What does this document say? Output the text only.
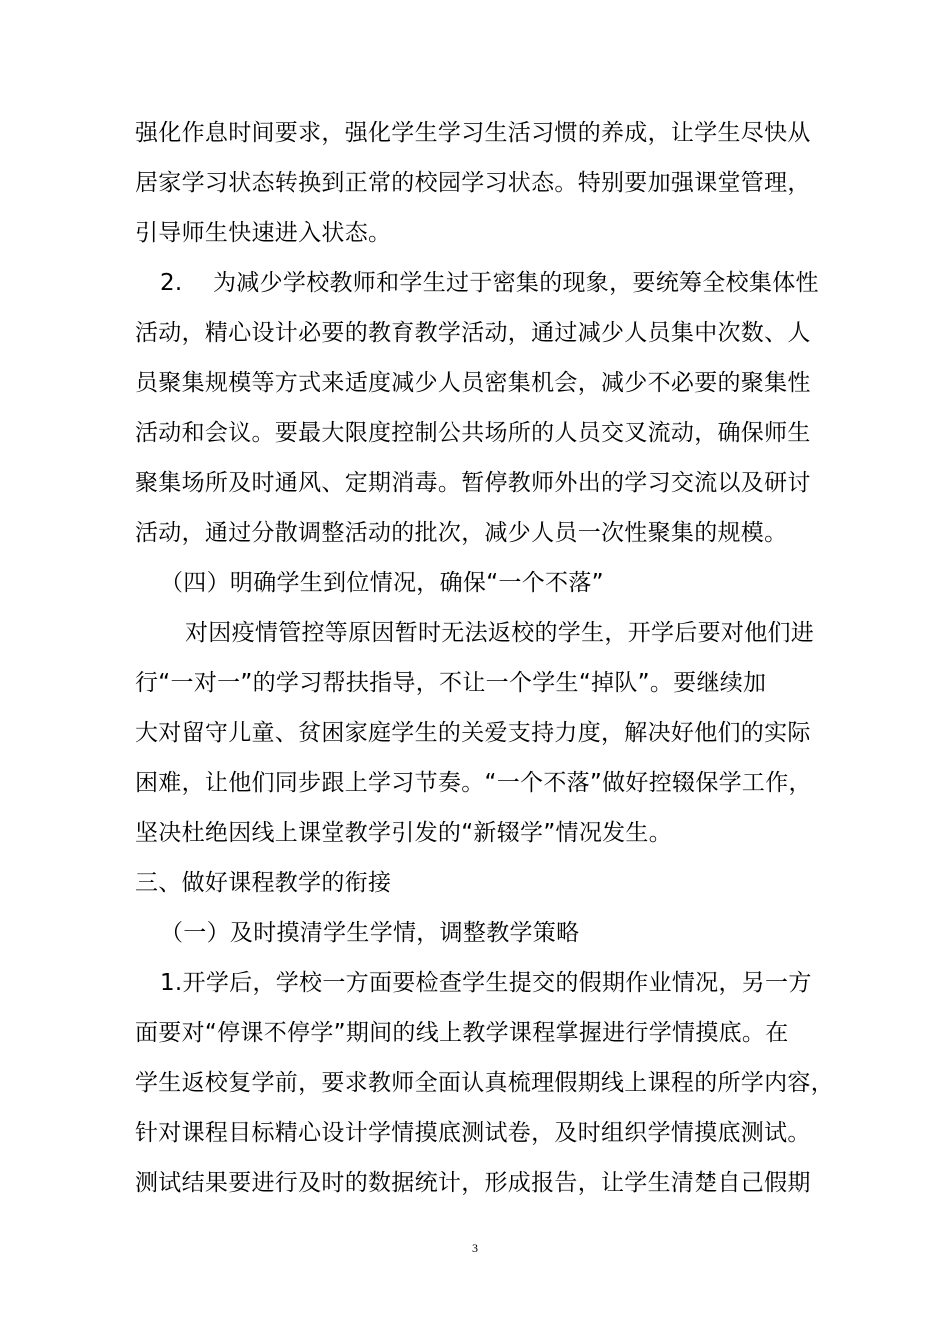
强化作息时间要求，强化学生学习生活习惯的养成，让学生尽快从
居家学习状态转换到正常的校园学习状态。特别要加强课堂管理，
引导师生快速进入状态。
2.    为减少学校教师和学生过于密集的现象，要统筹全校集体性
活动，精心设计必要的教育教学活动，通过减少人员集中次数、人
员聚集规模等方式来适度减少人员密集机会，减少不必要的聚集性
活动和会议。要最大限度控制公共场所的人员交叉流动，确保师生
聚集场所及时通风、定期消毒。暂停教师外出的学习交流以及研讨
活动，通过分散调整活动的批次，减少人员一次性聚集的规模。
（四）明确学生到位情况，确保“一个不落”
对因疫情管控等原因暂时无法返校的学生，开学后要对他们进
行“一对一”的学习帮扶指导，不让一个学生“掉队”。要继续加
大对留守儿童、贫困家庭学生的关爱支持力度，解决好他们的实际
困难，让他们同步跟上学习节奏。“一个不落”做好控辍保学工作，
坚决杜绝因线上课堂教学引发的“新辍学”情况发生。
三、做好课程教学的衔接
（一）及时摸清学生学情，调整教学策略
1.开学后，学校一方面要检查学生提交的假期作业情况，另一方
面要对“停课不停学”期间的线上教学课程掌握进行学情摸底。在
学生返校复学前，要求教师全面认真梳理假期线上课程的所学内容，
针对课程目标精心设计学情摸底测试卷，及时组织学情摸底测试。
测试结果要进行及时的数据统计，形成报告，让学生清楚自己假期
3
